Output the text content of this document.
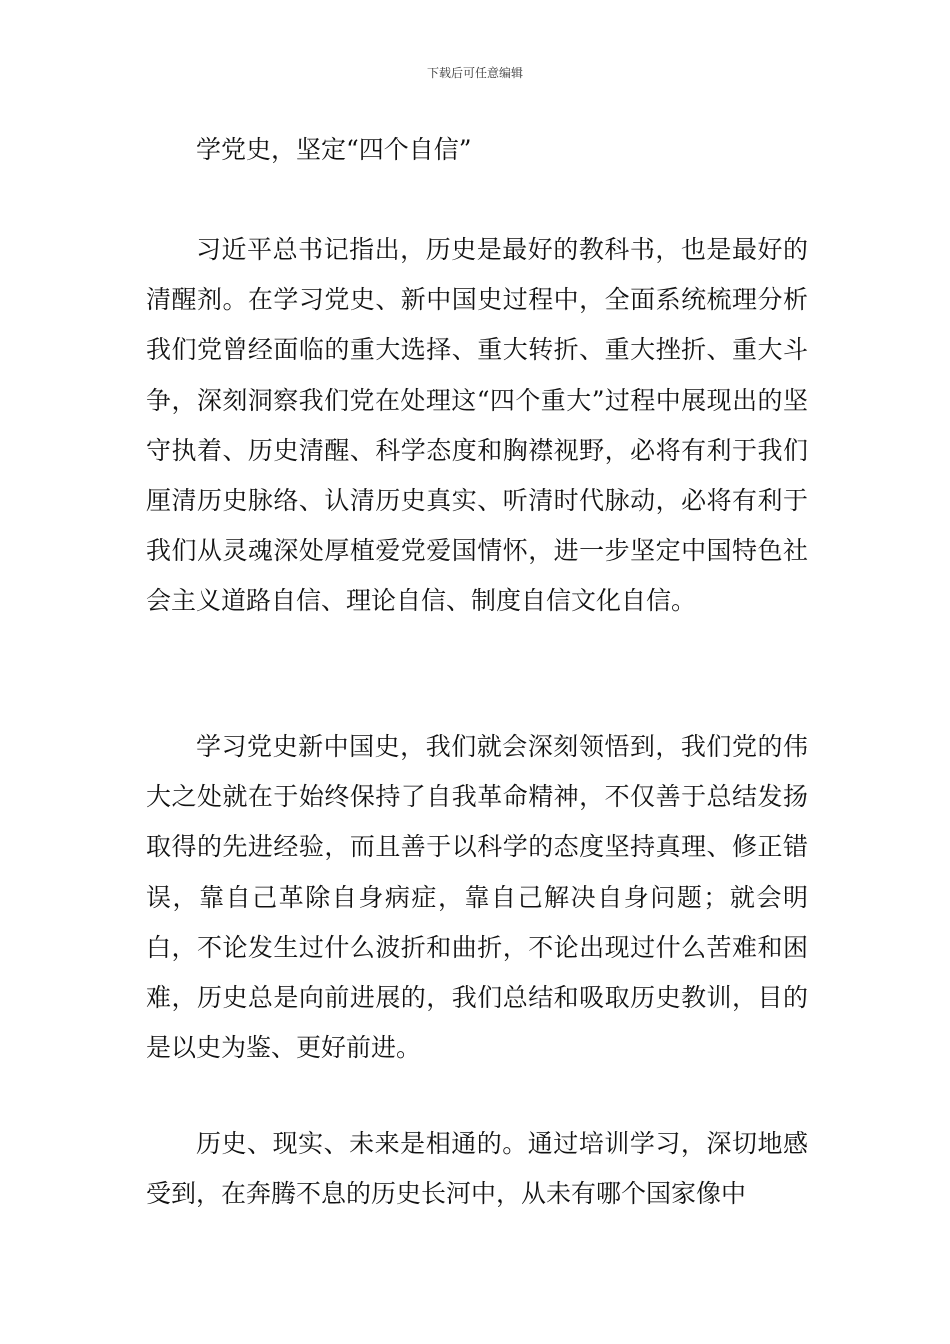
下载后可任意编辑
学党史，坚定“四个自信”

习近平总书记指出，历史是最好的教科书，也是最好的清醒剂。在学习党史、新中国史过程中，全面系统梳理分析我们党曾经面临的重大选择、重大转折、重大挫折、重大斗争，深刻洞察我们党在处理这“四个重大”过程中展现出的坚守执着、历史清醒、科学态度和胸襟视野，必将有利于我们厘清历史脉络、认清历史真实、听清时代脉动，必将有利于我们从灵魂深处厚植爱党爱国情怀，进一步坚定中国特色社会主义道路自信、理论自信、制度自信文化自信。

学习党史新中国史，我们就会深刻领悟到，我们党的伟大之处就在于始终保持了自我革命精神，不仅善于总结发扬取得的先进经验，而且善于以科学的态度坚持真理、修正错误，靠自己革除自身病症，靠自己解决自身问题；就会明白，不论发生过什么波折和曲折，不论出现过什么苦难和困难，历史总是向前进展的，我们总结和吸取历史教训，目的是以史为鉴、更好前进。

历史、现实、未来是相通的。通过培训学习，深切地感受到，在奔腾不息的历史长河中，从未有哪个国家像中
